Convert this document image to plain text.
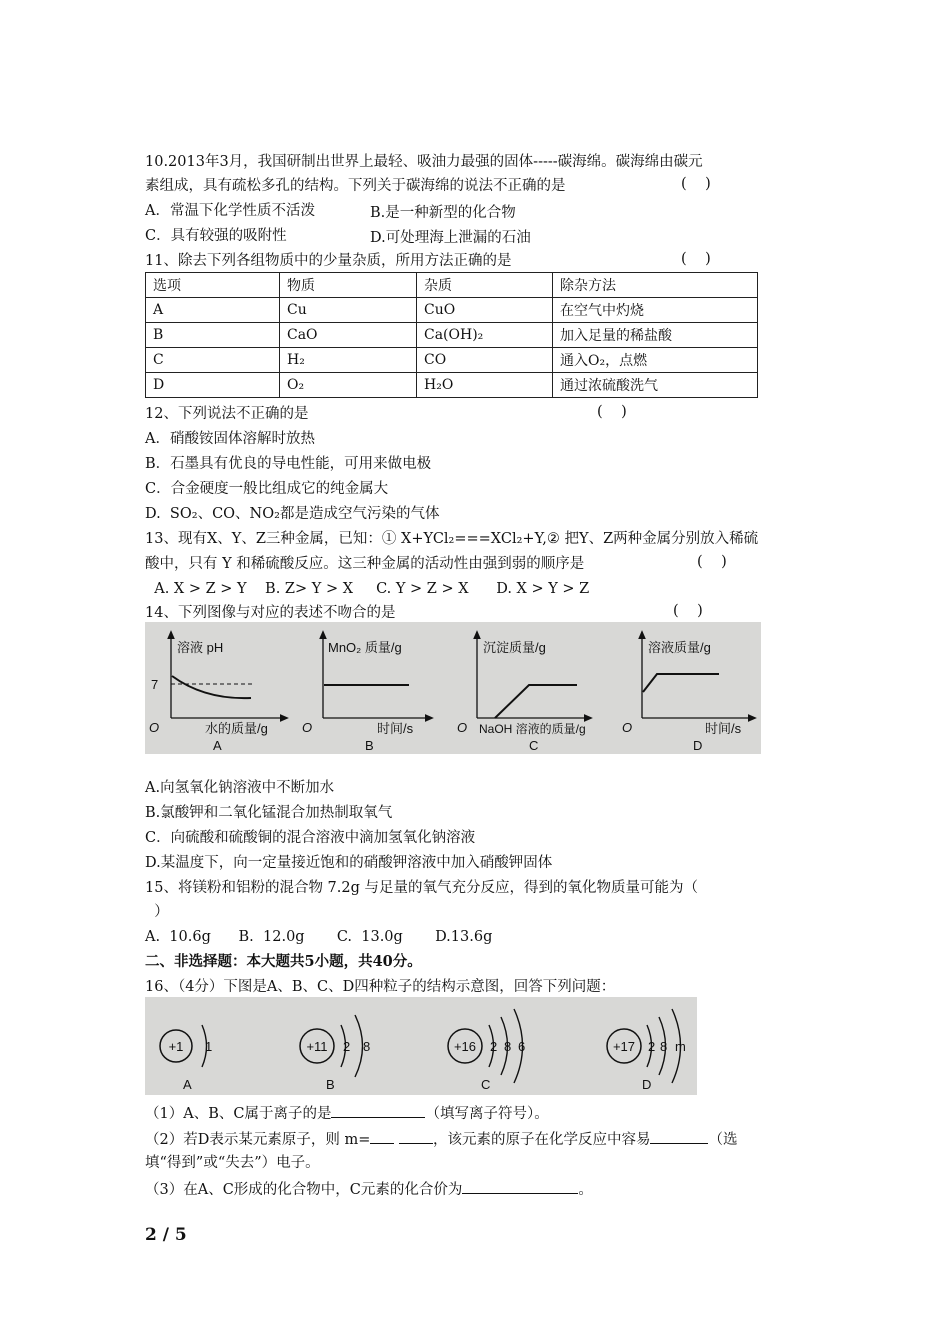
10.2013年3月，我国研制出世界上最轻、吸油力最强的固体-----碳海绵。碳海绵由碳元
素组成，具有疏松多孔的结构。下列关于碳海绵的说法不正确的是	(    )
A．常温下化学性质不活泼	B.是一种新型的化合物
C．具有较强的吸附性	D.可处理海上泄漏的石油
11、除去下列各组物质中的少量杂质，所用方法正确的是	(    )
选项	物质	杂质	除杂方法
A	Cu	CuO	在空气中灼烧
B	CaO	Ca(OH)₂	加入足量的稀盐酸
C	H₂	CO	通入O₂，点燃
D	O₂	H₂O	通过浓硫酸洗气
12、下列说法不正确的是	(    )
A．硝酸铵固体溶解时放热
B．石墨具有优良的导电性能，可用来做电极
C．合金硬度一般比组成它的纯金属大
D.  SO₂、CO、NO₂都是造成空气污染的气体
13、现有X、Y、Z三种金属，已知：① X+YCl₂===XCl₂+Y,② 把Y、Z两种金属分别放入稀硫
酸中，只有 Y 和稀硫酸反应。这三种金属的活动性由强到弱的顺序是	(    )
A. X > Z > Y    B. Z> Y > X     C. Y > Z > X      D. X > Y > Z
14、下列图像与对应的表述不吻合的是	(    )
溶液 pH
7
O	水的质量/g
A
MnO₂ 质量/g
O	时间/s
B
沉淀质量/g
O NaOH 溶液的质量/g
C
溶液质量/g
O	时间/s
D
A.向氢氧化钠溶液中不断加水
B.氯酸钾和二氧化锰混合加热制取氧气
C．向硫酸和硫酸铜的混合溶液中滴加氢氧化钠溶液
D.某温度下，向一定量接近饱和的硝酸钾溶液中加入硝酸钾固体
15、将镁粉和铝粉的混合物 7.2g 与足量的氧气充分反应，得到的氧化物质量可能为（
）
A.  10.6g      B.  12.0g       C.  13.0g       D.13.6g
二、非选择题：本大题共5小题，共40分。
16、（4分）下图是A、B、C、D四种粒子的结构示意图，回答下列问题：
+1 1
A
+11 2 8
B
+16 2 8 6
C
+17 2 8 m
D
（1）A、B、C属于离子的是	（填写离子符号）。
（2）若D表示某元素原子，则 m=	，该元素的原子在化学反应中容易	（选
填“得到”或“失去”）电子。
（3）在A、C形成的化合物中，C元素的化合价为	。
2 / 5
